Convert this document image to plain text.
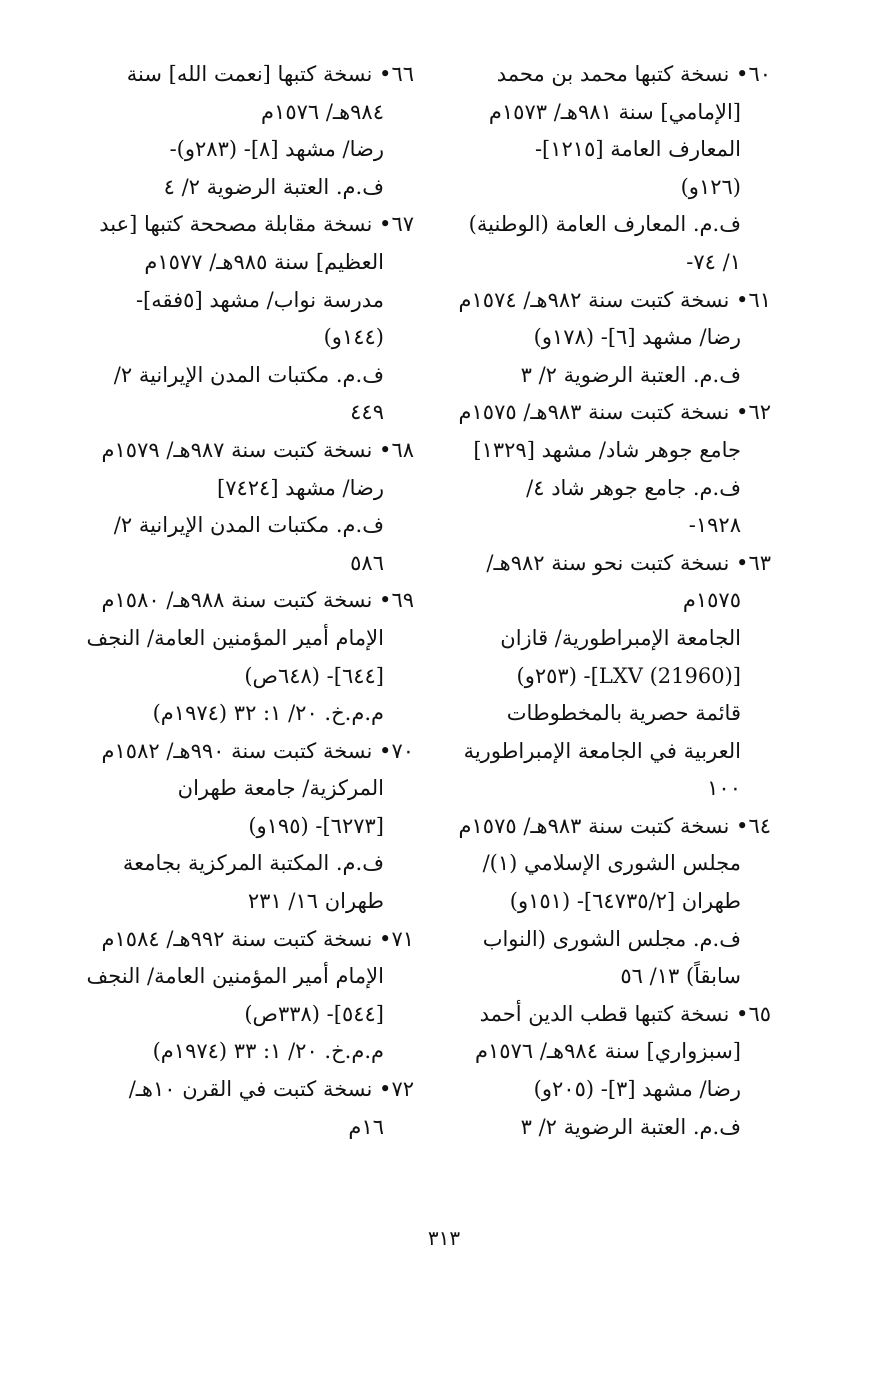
٦٠• نسخة كتبها محمد بن محمد
[الإمامي] سنة ٩٨١هـ/ ١٥٧٣م
المعارف العامة [١٢١٥]-
(١٢٦و)
ف.م. المعارف العامة (الوطنية)
١/ ٧٤-
٦١• نسخة كتبت سنة ٩٨٢هـ/ ١٥٧٤م
رضا/ مشهد [٦]- (١٧٨و)
ف.م. العتبة الرضوية ٢/ ٣
٦٢• نسخة كتبت سنة ٩٨٣هـ/ ١٥٧٥م
جامع جوهر شاد/ مشهد [١٣٢٩]
ف.م. جامع جوهر شاد ٤/
١٩٢٨-
٦٣• نسخة كتبت نحو سنة ٩٨٢هـ/
١٥٧٥م
الجامعة الإمبراطورية/ قازان
[LXV (21960)]- (٢٥٣و)
قائمة حصرية بالمخطوطات
العربية في الجامعة الإمبراطورية
١٠٠
٦٤• نسخة كتبت سنة ٩٨٣هـ/ ١٥٧٥م
مجلس الشورى الإسلامي (١)/
طهران [٦٤٧٣٥/٢]- (١٥١و)
ف.م. مجلس الشورى (النواب
سابقاً) ١٣/ ٥٦
٦٥• نسخة كتبها قطب الدين أحمد
[سبزواري] سنة ٩٨٤هـ/ ١٥٧٦م
رضا/ مشهد [٣]- (٢٠٥و)
ف.م. العتبة الرضوية ٢/ ٣
٦٦• نسخة كتبها [نعمت الله] سنة
٩٨٤هـ/ ١٥٧٦م
رضا/ مشهد [٨]- (٢٨٣و)-
ف.م. العتبة الرضوية ٢/ ٤
٦٧• نسخة مقابلة مصححة كتبها [عبد
العظيم] سنة ٩٨٥هـ/ ١٥٧٧م
مدرسة نواب/ مشهد [٥فقه]-
(١٤٤و)
ف.م. مكتبات المدن الإيرانية ٢/
٤٤٩
٦٨• نسخة كتبت سنة ٩٨٧هـ/ ١٥٧٩م
رضا/ مشهد [٧٤٢٤]
ف.م. مكتبات المدن الإيرانية ٢/
٥٨٦
٦٩• نسخة كتبت سنة ٩٨٨هـ/ ١٥٨٠م
الإمام أمير المؤمنين العامة/ النجف
[٦٤٤]- (٦٤٨ص)
م.م.خ. ٢٠/ ١: ٣٢ (١٩٧٤م)
٧٠• نسخة كتبت سنة ٩٩٠هـ/ ١٥٨٢م
المركزية/ جامعة طهران
[٦٢٧٣]- (١٩٥و)
ف.م. المكتبة المركزية بجامعة
طهران ١٦/ ٢٣١
٧١• نسخة كتبت سنة ٩٩٢هـ/ ١٥٨٤م
الإمام أمير المؤمنين العامة/ النجف
[٥٤٤]- (٣٣٨ص)
م.م.خ. ٢٠/ ١: ٣٣ (١٩٧٤م)
٧٢• نسخة كتبت في القرن ١٠هـ/
١٦م
٣١٣
